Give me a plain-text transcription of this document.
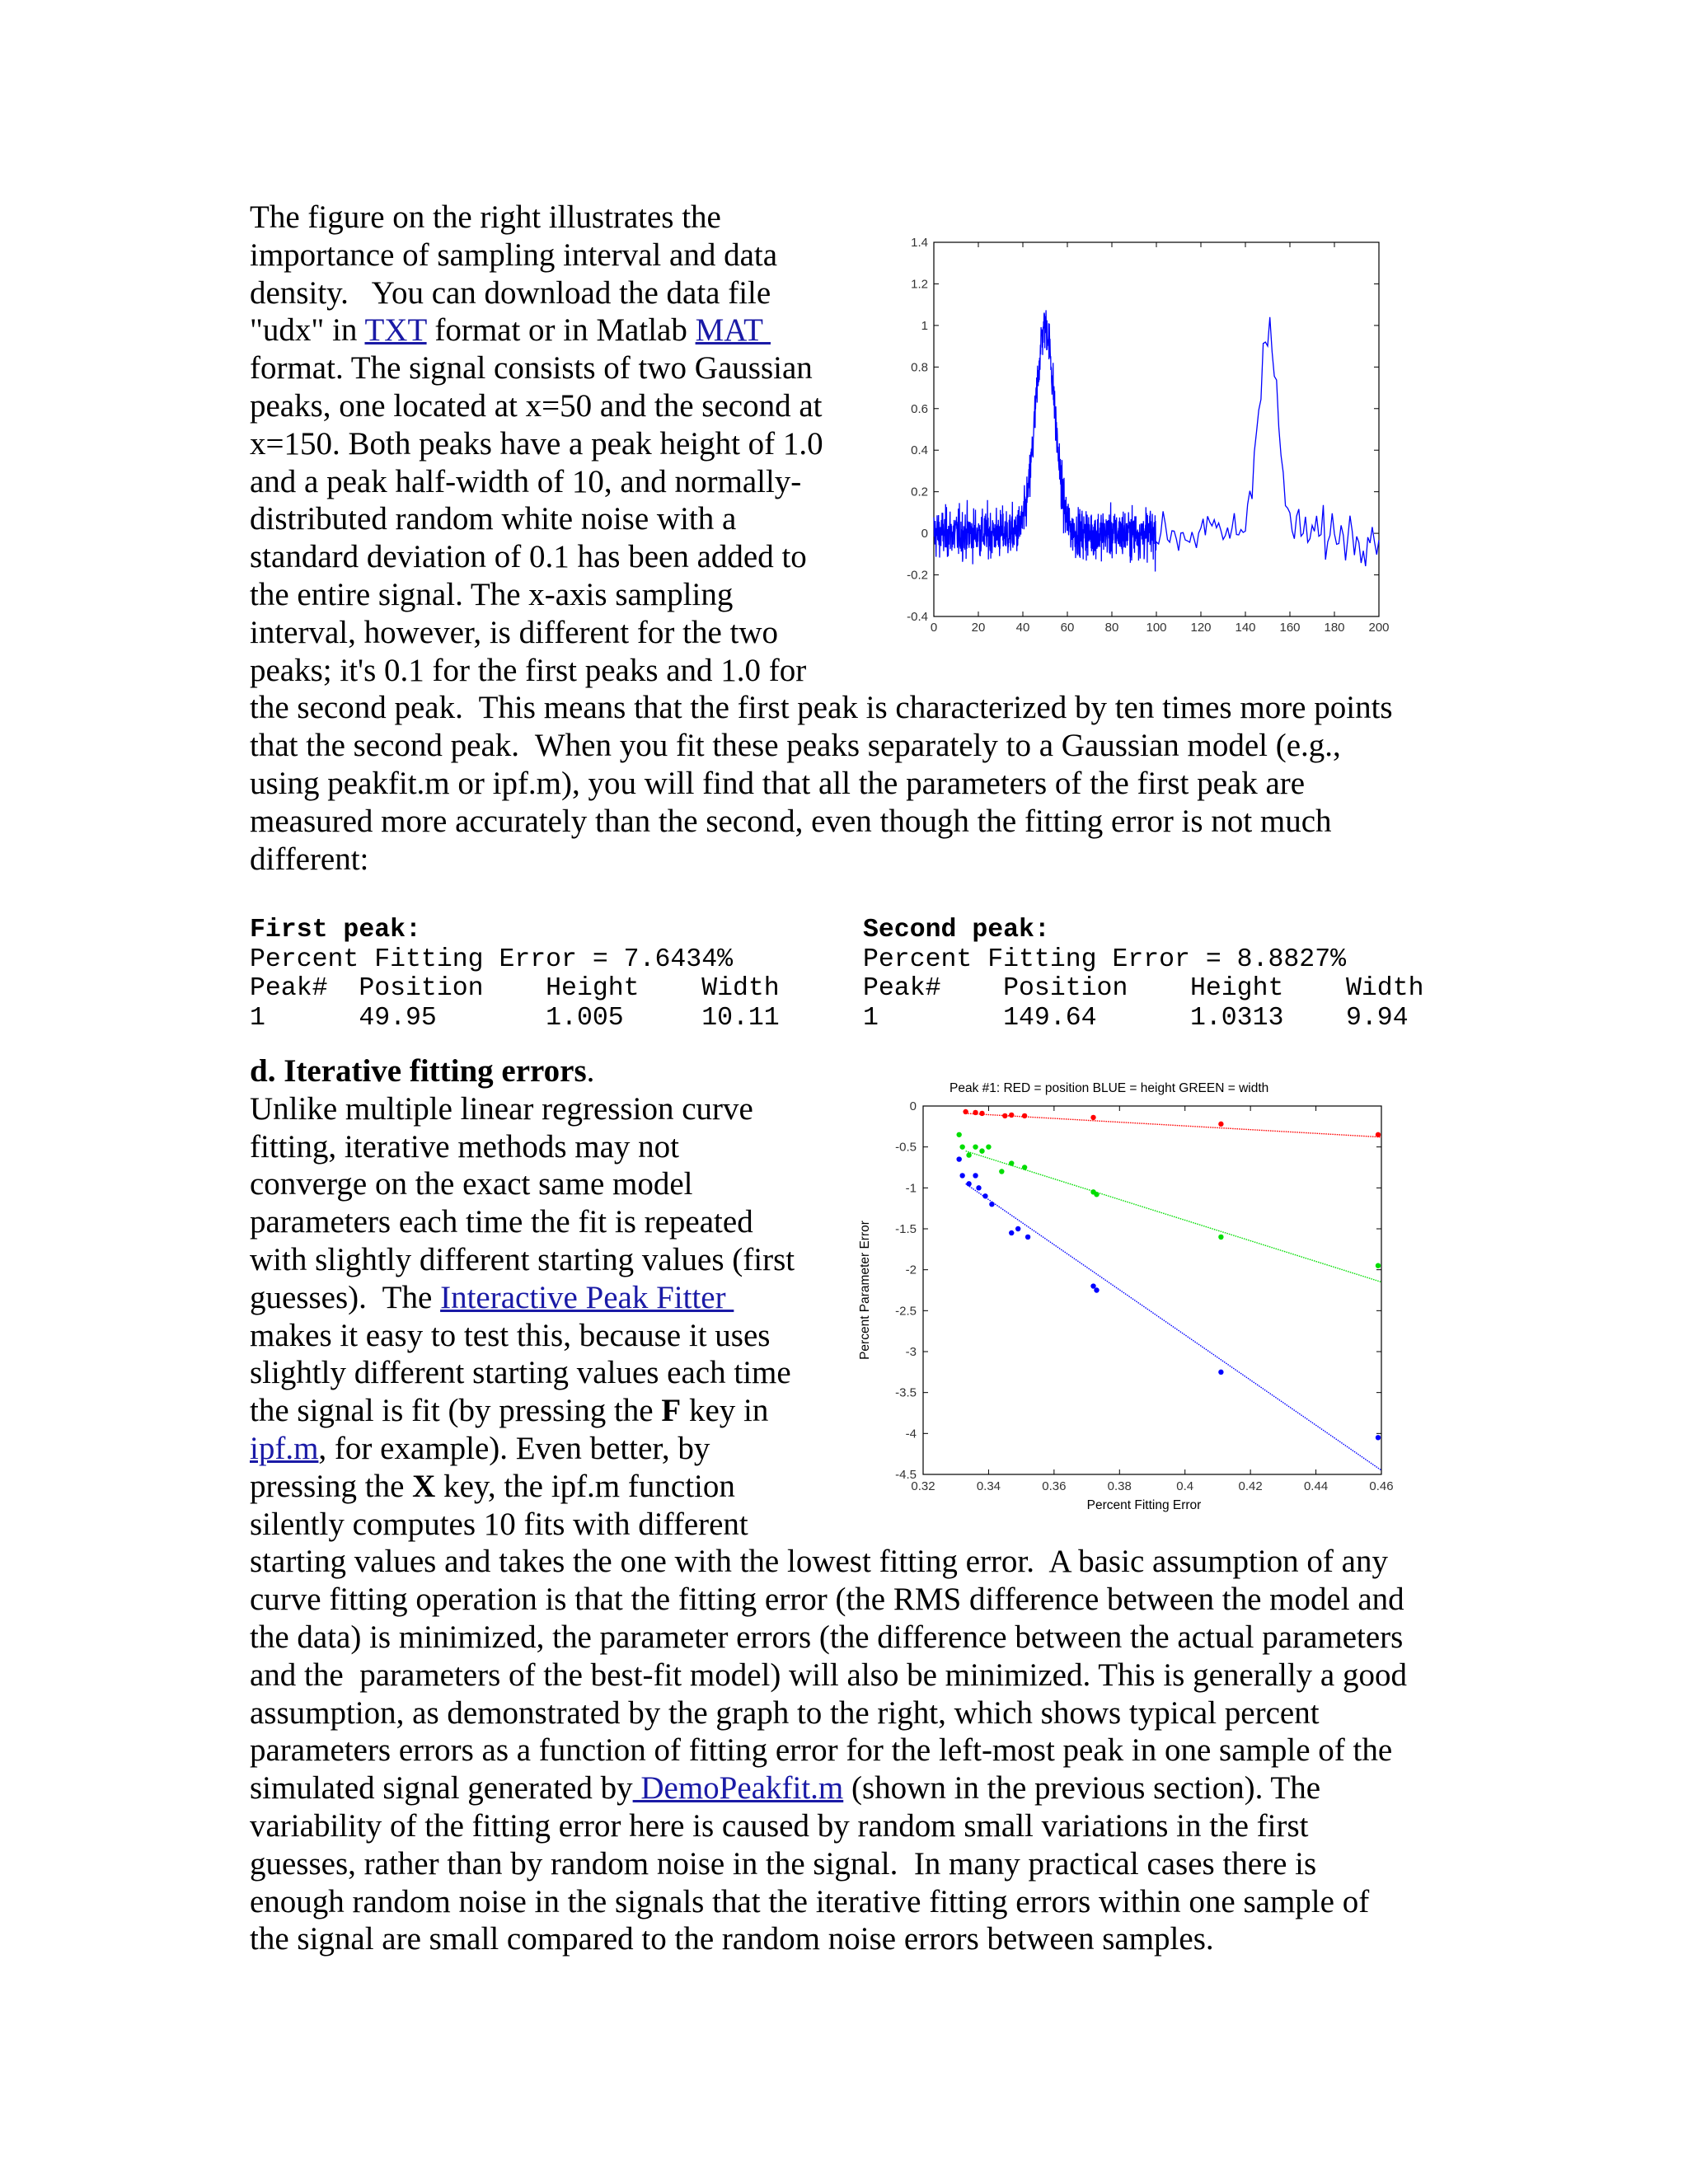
The figure on the right illustrates the
importance of sampling interval and data
density.   You can download the data file
"udx" in TXT format or in Matlab MAT
format. The signal consists of two Gaussian
peaks, one located at x=50 and the second at
x=150. Both peaks have a peak height of 1.0
and a peak half-width of 10, and normally-
distributed random white noise with a
standard deviation of 0.1 has been added to
the entire signal. The x-axis sampling
interval, however, is different for the two
peaks; it's 0.1 for the first peaks and 1.0 for
the second peak.  This means that the first peak is characterized by ten times more points
that the second peak.  When you fit these peaks separately to a Gaussian model (e.g.,
using peakfit.m or ipf.m), you will find that all the parameters of the first peak are
measured more accurately than the second, even though the fitting error is not much
different:
0	20 40 60 80 100 120 140 160 180 200
1.4
1.2
1
0.8
0.6
0.4
0.2
0
-0.2
-0.4
First peak:
Percent Fitting Error = 7.6434%
Peak#  Position    Height    Width
1      49.95       1.005     10.11
Second peak:
Percent Fitting Error = 8.8827%
Peak#    Position    Height    Width
1        149.64      1.0313    9.94
d. Iterative fitting errors.
Unlike multiple linear regression curve
fitting, iterative methods may not
converge on the exact same model
parameters each time the fit is repeated
with slightly different starting values (first
guesses).  The Interactive Peak Fitter
makes it easy to test this, because it uses
slightly different starting values each time
the signal is fit (by pressing the F key in
ipf.m, for example). Even better, by
pressing the X key, the ipf.m function
silently computes 10 fits with different
starting values and takes the one with the lowest fitting error.  A basic assumption of any
curve fitting operation is that the fitting error (the RMS difference between the model and
the data) is minimized, the parameter errors (the difference between the actual parameters
and the  parameters of the best-fit model) will also be minimized. This is generally a good
assumption, as demonstrated by the graph to the right, which shows typical percent
parameters errors as a function of fitting error for the left-most peak in one sample of the
simulated signal generated by DemoPeakfit.m (shown in the previous section). The
variability of the fitting error here is caused by random small variations in the first
guesses, rather than by random noise in the signal.  In many practical cases there is
enough random noise in the signals that the iterative fitting errors within one sample of
the signal are small compared to the random noise errors between samples.
Peak #1: RED = position BLUE = height GREEN = width
Percent Fitting Error
Percent Parameter Error
0.32	0.34	0.36	0.38	0.4	0.42	0.44	0.46
0
-0.5
-1
-1.5
-2
-2.5
-3
-3.5
-4
-4.5
